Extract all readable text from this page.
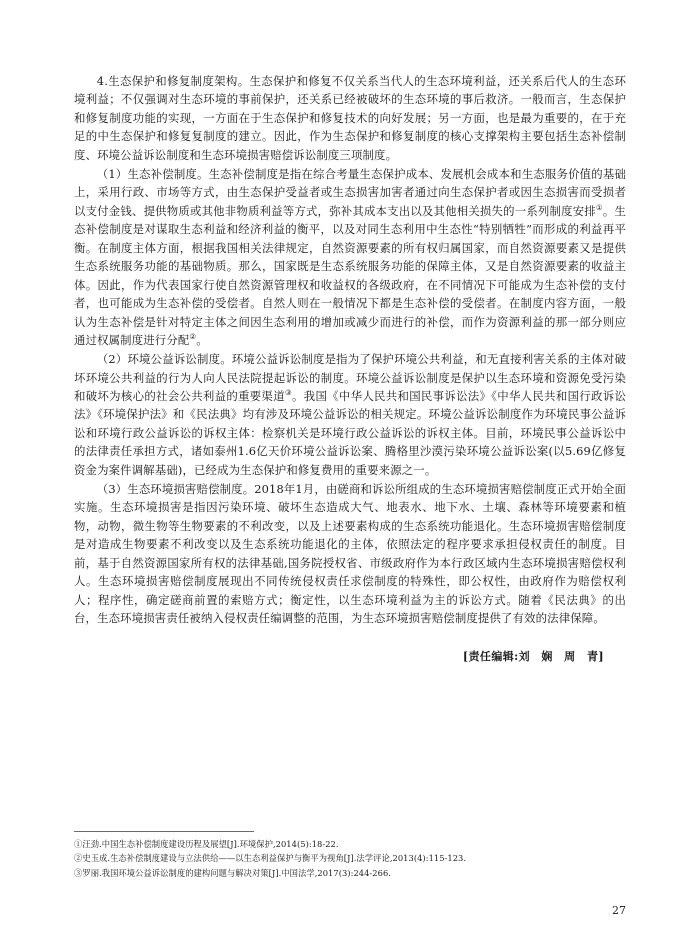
4.生态保护和修复制度架构。生态保护和修复不仅关系当代人的生态环境利益，还关系后代人的生态环境利益；不仅强调对生态环境的事前保护，还关系已经被破坏的生态环境的事后救济。一般而言，生态保护和修复制度功能的实现，一方面在于生态保护和修复技术的向好发展；另一方面，也是最为重要的，在于充足的中生态保护和修复复制度的建立。因此，作为生态保护和修复制度的核心支撑架构主要包括生态补偿制度、环境公益诉讼制度和生态环境损害赔偿诉讼制度三项制度。

（1）生态补偿制度。生态补偿制度是指在综合考量生态保护成本、发展机会成本和生态服务价值的基础上，采用行政、市场等方式，由生态保护受益者或生态损害加害者通过向生态保护者或因生态损害而受损者以支付金钱、提供物质或其他非物质利益等方式，弥补其成本支出以及其他相关损失的一系列制度安排①。生态补偿制度是对谋取生态利益和经济利益的衡平，以及对同生态利用中生态性“特别牺牲”而形成的利益再平衡。在制度主体方面，根据我国相关法律规定，自然资源要素的所有权归属国家，而自然资源要素又是提供生态系统服务功能的基础物质。那么，国家既是生态系统服务功能的保障主体，又是自然资源要素的收益主体。因此，作为代表国家行使自然资源管理权和收益权的各级政府，在不同情况下可能成为生态补偿的支付者，也可能成为生态补偿的受偿者。自然人则在一般情况下都是生态补偿的受偿者。在制度内容方面，一般认为生态补偿是针对特定主体之间因生态利用的增加或减少而进行的补偿，而作为资源利益的那一部分则应通过权属制度进行分配②。

（2）环境公益诉讼制度。环境公益诉讼制度是指为了保护环境公共利益，和无直接利害关系的主体对破坏环境公共利益的行为人向人民法院提起诉讼的制度。环境公益诉讼制度是保护以生态环境和资源免受污染和破坏为核心的社会公共利益的重要渠道③。我国《中华人民共和国民事诉讼法》《中华人民共和国行政诉讼法》《环境保护法》和《民法典》均有涉及环境公益诉讼的相关规定。环境公益诉讼制度作为环境民事公益诉讼和环境行政公益诉讼的诉权主体：检察机关是环境行政公益诉讼的诉权主体。目前，环境民事公益诉讼中的法律责任承担方式，诸如泰州1.6亿天价环境公益诉讼案、腾格里沙漠污染环境公益诉讼案(以5.69亿修复资金为案件调解基础)，已经成为生态保护和修复费用的重要来源之一。

（3）生态环境损害赔偿制度。2018年1月，由磋商和诉讼所组成的生态环境损害赔偿制度正式开始全面实施。生态环境损害是指因污染环境、破坏生态造成大气、地表水、地下水、土壤、森林等环境要素和植物，动物，微生物等生物要素的不利改变，以及上述要素构成的生态系统功能退化。生态环境损害赔偿制度是对造成生物要素不利改变以及生态系统功能退化的主体，依照法定的程序要求承担侵权责任的制度。目前，基于自然资源国家所有权的法律基础,国务院授权省、市级政府作为本行政区域内生态环境损害赔偿权利人。生态环境损害赔偿制度展现出不同传统侵权责任求偿制度的特殊性，即公权性，由政府作为赔偿权利人；程序性，确定磋商前置的索赔方式；衡定性，以生态环境利益为主的诉讼方式。随着《民法典》的出台，生态环境损害责任被纳入侵权责任编调整的范围，为生态环境损害赔偿制度提供了有效的法律保障。

[责任编辑:刘　娴　周　青]

①汪劲.中国生态补偿制度建设历程及展望[J].环境保护,2014(5):18-22.

②史玉成.生态补偿制度建设与立法供给——以生态利益保护与衡平为视角[J].法学评论,2013(4):115-123.

③罗丽.我国环境公益诉讼制度的建构问题与解决对策[J].中国法学,2017(3):244-266.

27
